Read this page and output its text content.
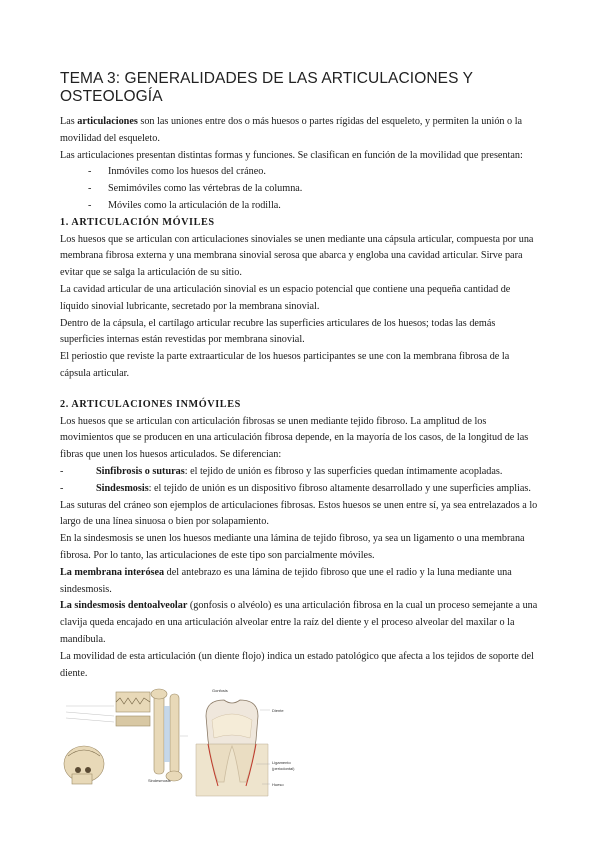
TEMA 3: GENERALIDADES DE LAS ARTICULACIONES Y OSTEOLOGÍA

Las articulaciones son las uniones entre dos o más huesos o partes rígidas del esqueleto, y permiten la unión o la movilidad del esqueleto.

Las articulaciones presentan distintas formas y funciones. Se clasifican en función de la movilidad que presentan:

- Inmóviles como los huesos del cráneo.
- Semimóviles como las vértebras de la columna.
- Móviles como la articulación de la rodilla.
1. ARTICULACIÓN MÓVILES

Los huesos que se articulan con articulaciones sinoviales se unen mediante una cápsula articular, compuesta por una membrana fibrosa externa y una membrana sinovial serosa que abarca y engloba una cavidad articular. Sirve para evitar que se salga la articulación de su sitio.

La cavidad articular de una articulación sinovial es un espacio potencial que contiene una pequeña cantidad de líquido sinovial lubricante, secretado por la membrana sinovial.

Dentro de la cápsula, el cartílago articular recubre las superficies articulares de los huesos; todas las demás superficies internas están revestidas por membrana sinovial.

El periostio que reviste la parte extraarticular de los huesos participantes se une con la membrana fibrosa de la cápsula articular.

2. ARTICULACIONES INMÓVILES

Los huesos que se articulan con articulación fibrosas se unen mediante tejido fibroso. La amplitud de los movimientos que se producen en una articulación fibrosa depende, en la mayoría de los casos, de la longitud de las fibras que unen los huesos articulados. Se diferencian:

- Sinfibrosis o suturas: el tejido de unión es fibroso y las superficies quedan íntimamente acopladas.
- Sindesmosis: el tejido de unión es un dispositivo fibroso altamente desarrollado y une superficies amplias.

Las suturas del cráneo son ejemplos de articulaciones fibrosas. Estos huesos se unen entre sí, ya sea entrelazados a lo largo de una línea sinuosa o bien por solapamiento.

En la sindesmosis se unen los huesos mediante una lámina de tejido fibroso, ya sea un ligamento o una membrana fibrosa. Por lo tanto, las articulaciones de este tipo son parcialmente móviles.

La membrana interósea del antebrazo es una lámina de tejido fibroso que une el radio y la luna mediante una sindesmosis.

La sindesmosis dentoalveolar (gonfosis o alvéolo) es una articulación fibrosa en la cual un proceso semejante a una clavija queda encajado en una articulación alveolar entre la raíz del diente y el proceso alveolar del maxilar o la mandíbula.

La movilidad de esta articulación (un diente flojo) indica un estado patológico que afecta a los tejidos de soporte del diente.

Sindesmosis
Gonfosis
Diente
Ligamento
(periodontal)
Hueso
